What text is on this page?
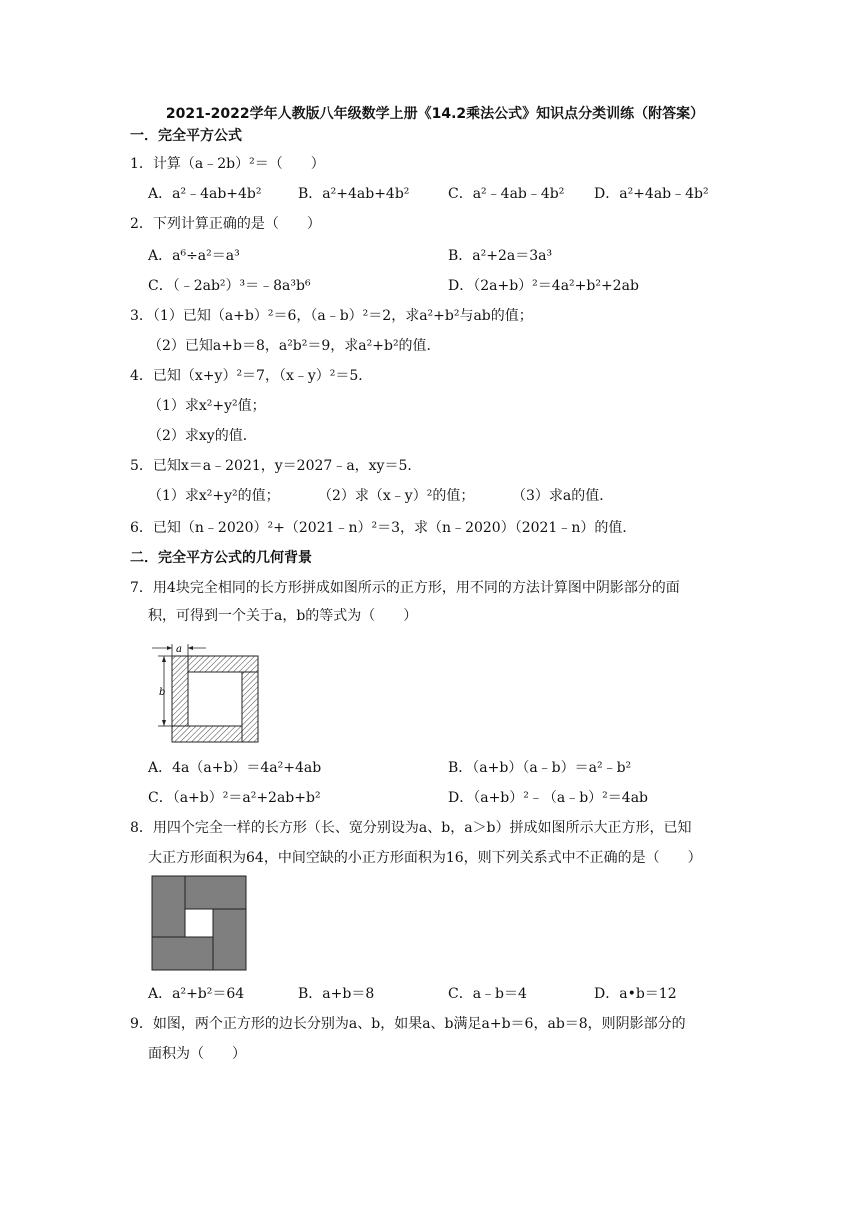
2021-2022学年人教版八年级数学上册《14.2乘法公式》知识点分类训练（附答案）
一．完全平方公式
1．计算（a﹣2b）²＝（　　）
A．a²﹣4ab+4b²	B．a²+4ab+4b²	C．a²﹣4ab﹣4b² D．a²+4ab﹣4b²
2．下列计算正确的是（　　）
A．a⁶÷a²＝a³	B．a²+2a＝3a³
C．（﹣2ab²）³＝﹣8a³b⁶	D．（2a+b）²＝4a²+b²+2ab
3．（1）已知（a+b）²＝6，（a﹣b）²＝2，求a²+b²与ab的值；
（2）已知a+b＝8，a²b²＝9，求a²+b²的值．
4．已知（x+y）²＝7，（x﹣y）²＝5．
（1）求x²+y²值；
（2）求xy的值．
5．已知x＝a﹣2021，y＝2027﹣a，xy＝5．
（1）求x²+y²的值；	（2）求（x﹣y）²的值；	（3）求a的值．
6．已知（n﹣2020）²+（2021﹣n）²＝3，求（n﹣2020）（2021﹣n）的值．
二．完全平方公式的几何背景
7．用4块完全相同的长方形拼成如图所示的正方形，用不同的方法计算图中阴影部分的面
积，可得到一个关于a，b的等式为（　　）
a
b
A．4a（a+b）＝4a²+4ab	B．（a+b）（a﹣b）＝a²﹣b²
C．（a+b）²＝a²+2ab+b²	D．（a+b）²﹣（a﹣b）²＝4ab
8．用四个完全一样的长方形（长、宽分别设为a、b，a＞b）拼成如图所示大正方形，已知
大正方形面积为64，中间空缺的小正方形面积为16，则下列关系式中不正确的是（　　）
A．a²+b²＝64	B．a+b＝8	C．a﹣b＝4	D．a•b＝12
9．如图，两个正方形的边长分别为a、b，如果a、b满足a+b＝6，ab＝8，则阴影部分的
面积为（　　）
